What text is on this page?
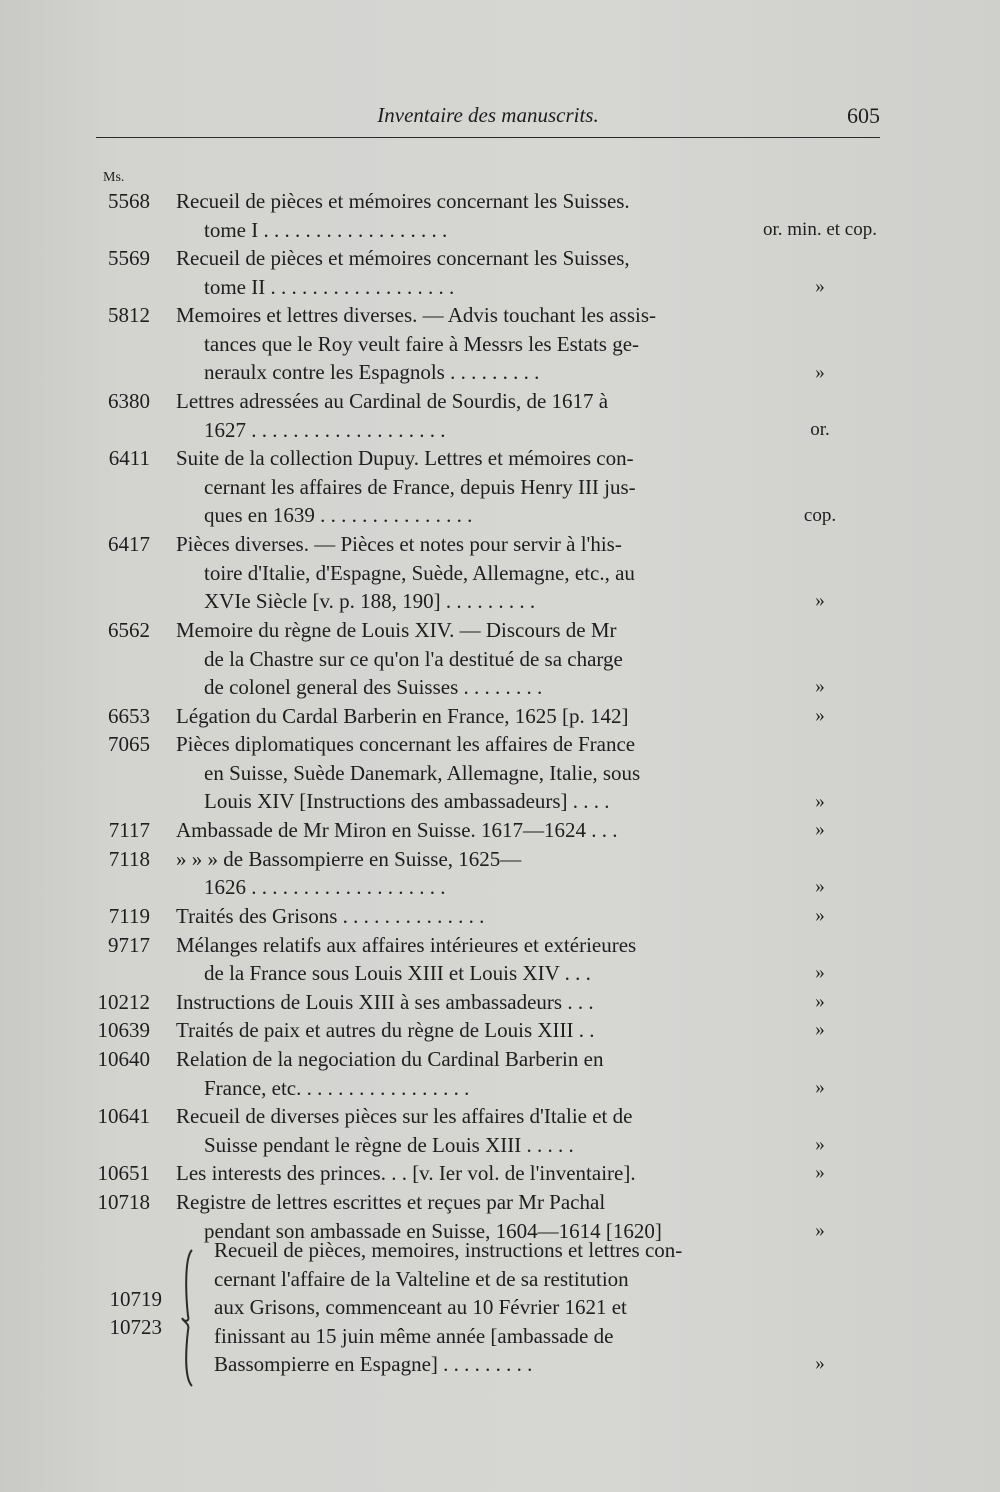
Inventaire des manuscrits.	605
Ms.
5568 Recueil de pièces et mémoires concernant les Suisses.
tome I . . . . . . . . . . . . . . . . . .	or. min. et cop.
5569 Recueil de pièces et mémoires concernant les Suisses,
tome II . . . . . . . . . . . . . . . . . .	»
5812 Memoires et lettres diverses. — Advis touchant les assis-
tances que le Roy veult faire à Messrs les Estats ge-
neraulx contre les Espagnols . . . . . . . . .	»
6380 Lettres adressées au Cardinal de Sourdis, de 1617 à
1627 . . . . . . . . . . . . . . . . . . .	or.
6411 Suite de la collection Dupuy. Lettres et mémoires con-
cernant les affaires de France, depuis Henry III jus-
ques en 1639 . . . . . . . . . . . . . . .	cop.
6417 Pièces diverses. — Pièces et notes pour servir à l'his-
toire d'Italie, d'Espagne, Suède, Allemagne, etc., au
XVIe Siècle [v. p. 188, 190] . . . . . . . . .	»
6562 Memoire du règne de Louis XIV. — Discours de Mr
de la Chastre sur ce qu'on l'a destitué de sa charge
de colonel general des Suisses . . . . . . . .	»
6653 Légation du Cardal Barberin en France, 1625 [p. 142]	»
7065 Pièces diplomatiques concernant les affaires de France
en Suisse, Suède Danemark, Allemagne, Italie, sous
Louis XIV [Instructions des ambassadeurs] . . . .	»
7117 Ambassade de Mr Miron en Suisse. 1617—1624 . . .	»
7118 » » » de Bassompierre en Suisse, 1625—
1626 . . . . . . . . . . . . . . . . . . .	»
7119 Traités des Grisons . . . . . . . . . . . . . .	»
9717 Mélanges relatifs aux affaires intérieures et extérieures
de la France sous Louis XIII et Louis XIV . . .	»
10212 Instructions de Louis XIII à ses ambassadeurs . . .	»
10639 Traités de paix et autres du règne de Louis XIII . .	»
10640 Relation de la negociation du Cardinal Barberin en
France, etc. . . . . . . . . . . . . . . . .	»
10641 Recueil de diverses pièces sur les affaires d'Italie et de
Suisse pendant le règne de Louis XIII . . . . .	»
10651 Les interests des princes. . . [v. Ier vol. de l'inventaire].	»
10718 Registre de lettres escrittes et reçues par Mr Pachal
pendant son ambassade en Suisse, 1604—1614 [1620]	»
10719
10723
Recueil de pièces, memoires, instructions et lettres con-
cernant l'affaire de la Valteline et de sa restitution
aux Grisons, commenceant au 10 Février 1621 et
finissant au 15 juin même année [ambassade de
Bassompierre en Espagne] . . . . . . . . .	»
